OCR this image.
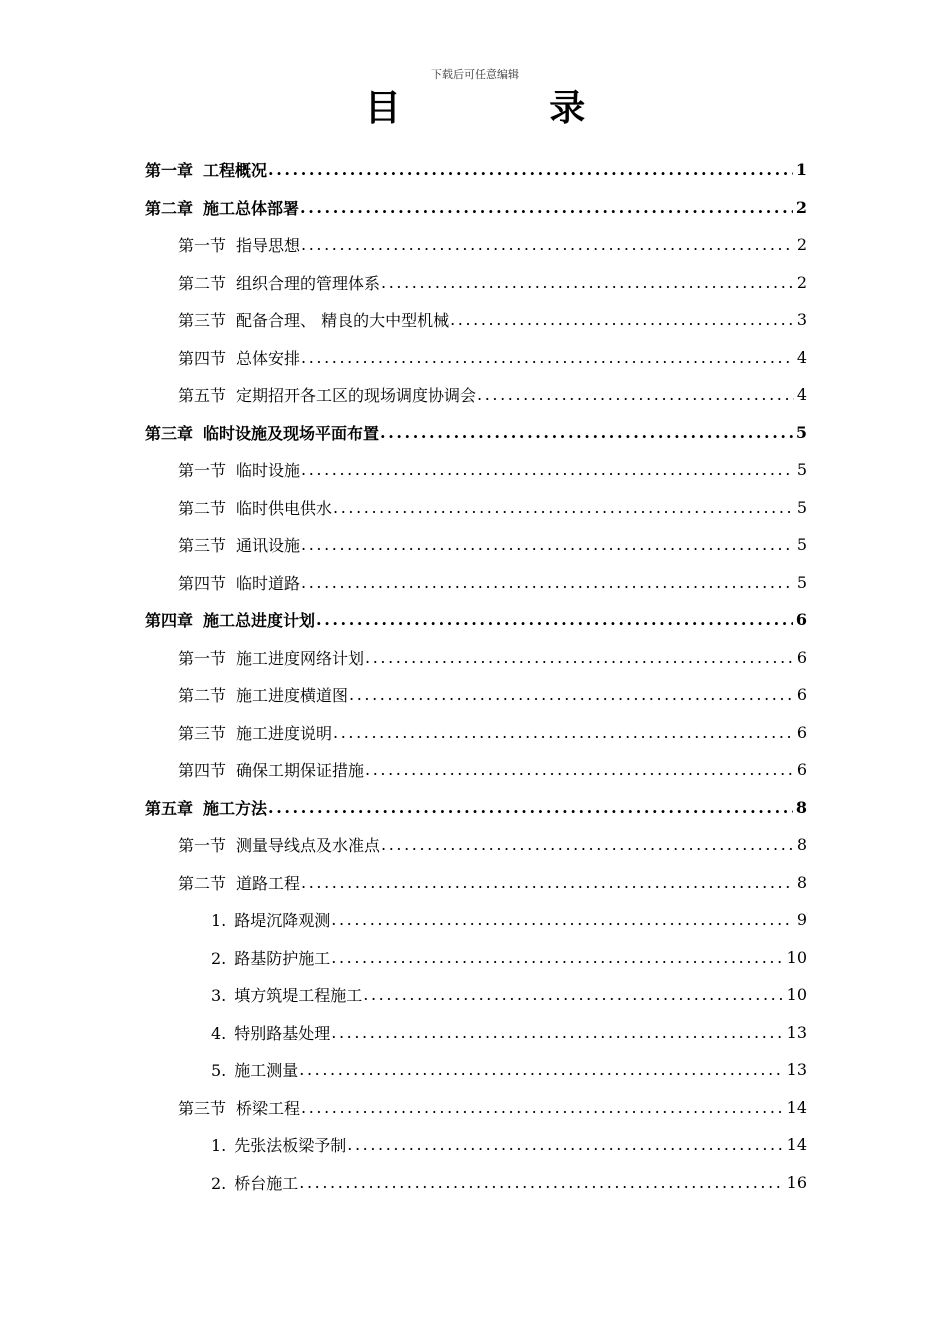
下载后可任意编辑
目 录
第一章 工程概况 .....	1
第二章 施工总体部署 .....	2
第一节 指导思想 .....	2
第二节 组织合理的管理体系 .....	2
第三节 配备合理、 精良的大中型机械 .....	3
第四节 总体安排 .....	4
第五节 定期招开各工区的现场调度协调会 .....	4
第三章 临时设施及现场平面布置 .....	5
第一节 临时设施 .....	5
第二节 临时供电供水 .....	5
第三节 通讯设施 .....	5
第四节 临时道路 .....	5
第四章 施工总进度计划 .....	6
第一节 施工进度网络计划 .....	6
第二节 施工进度横道图 .....	6
第三节 施工进度说明 .....	6
第四节 确保工期保证措施 .....	6
第五章 施工方法 .....	8
第一节 测量导线点及水准点 .....	8
第二节 道路工程 .....	8
1. 路堤沉降观测 .....	9
2. 路基防护施工 .....	10
3. 填方筑堤工程施工 .....	10
4. 特别路基处理 .....	13
5. 施工测量 .....	13
第三节 桥梁工程 .....	14
1. 先张法板梁予制 .....	14
2. 桥台施工 .....	16
